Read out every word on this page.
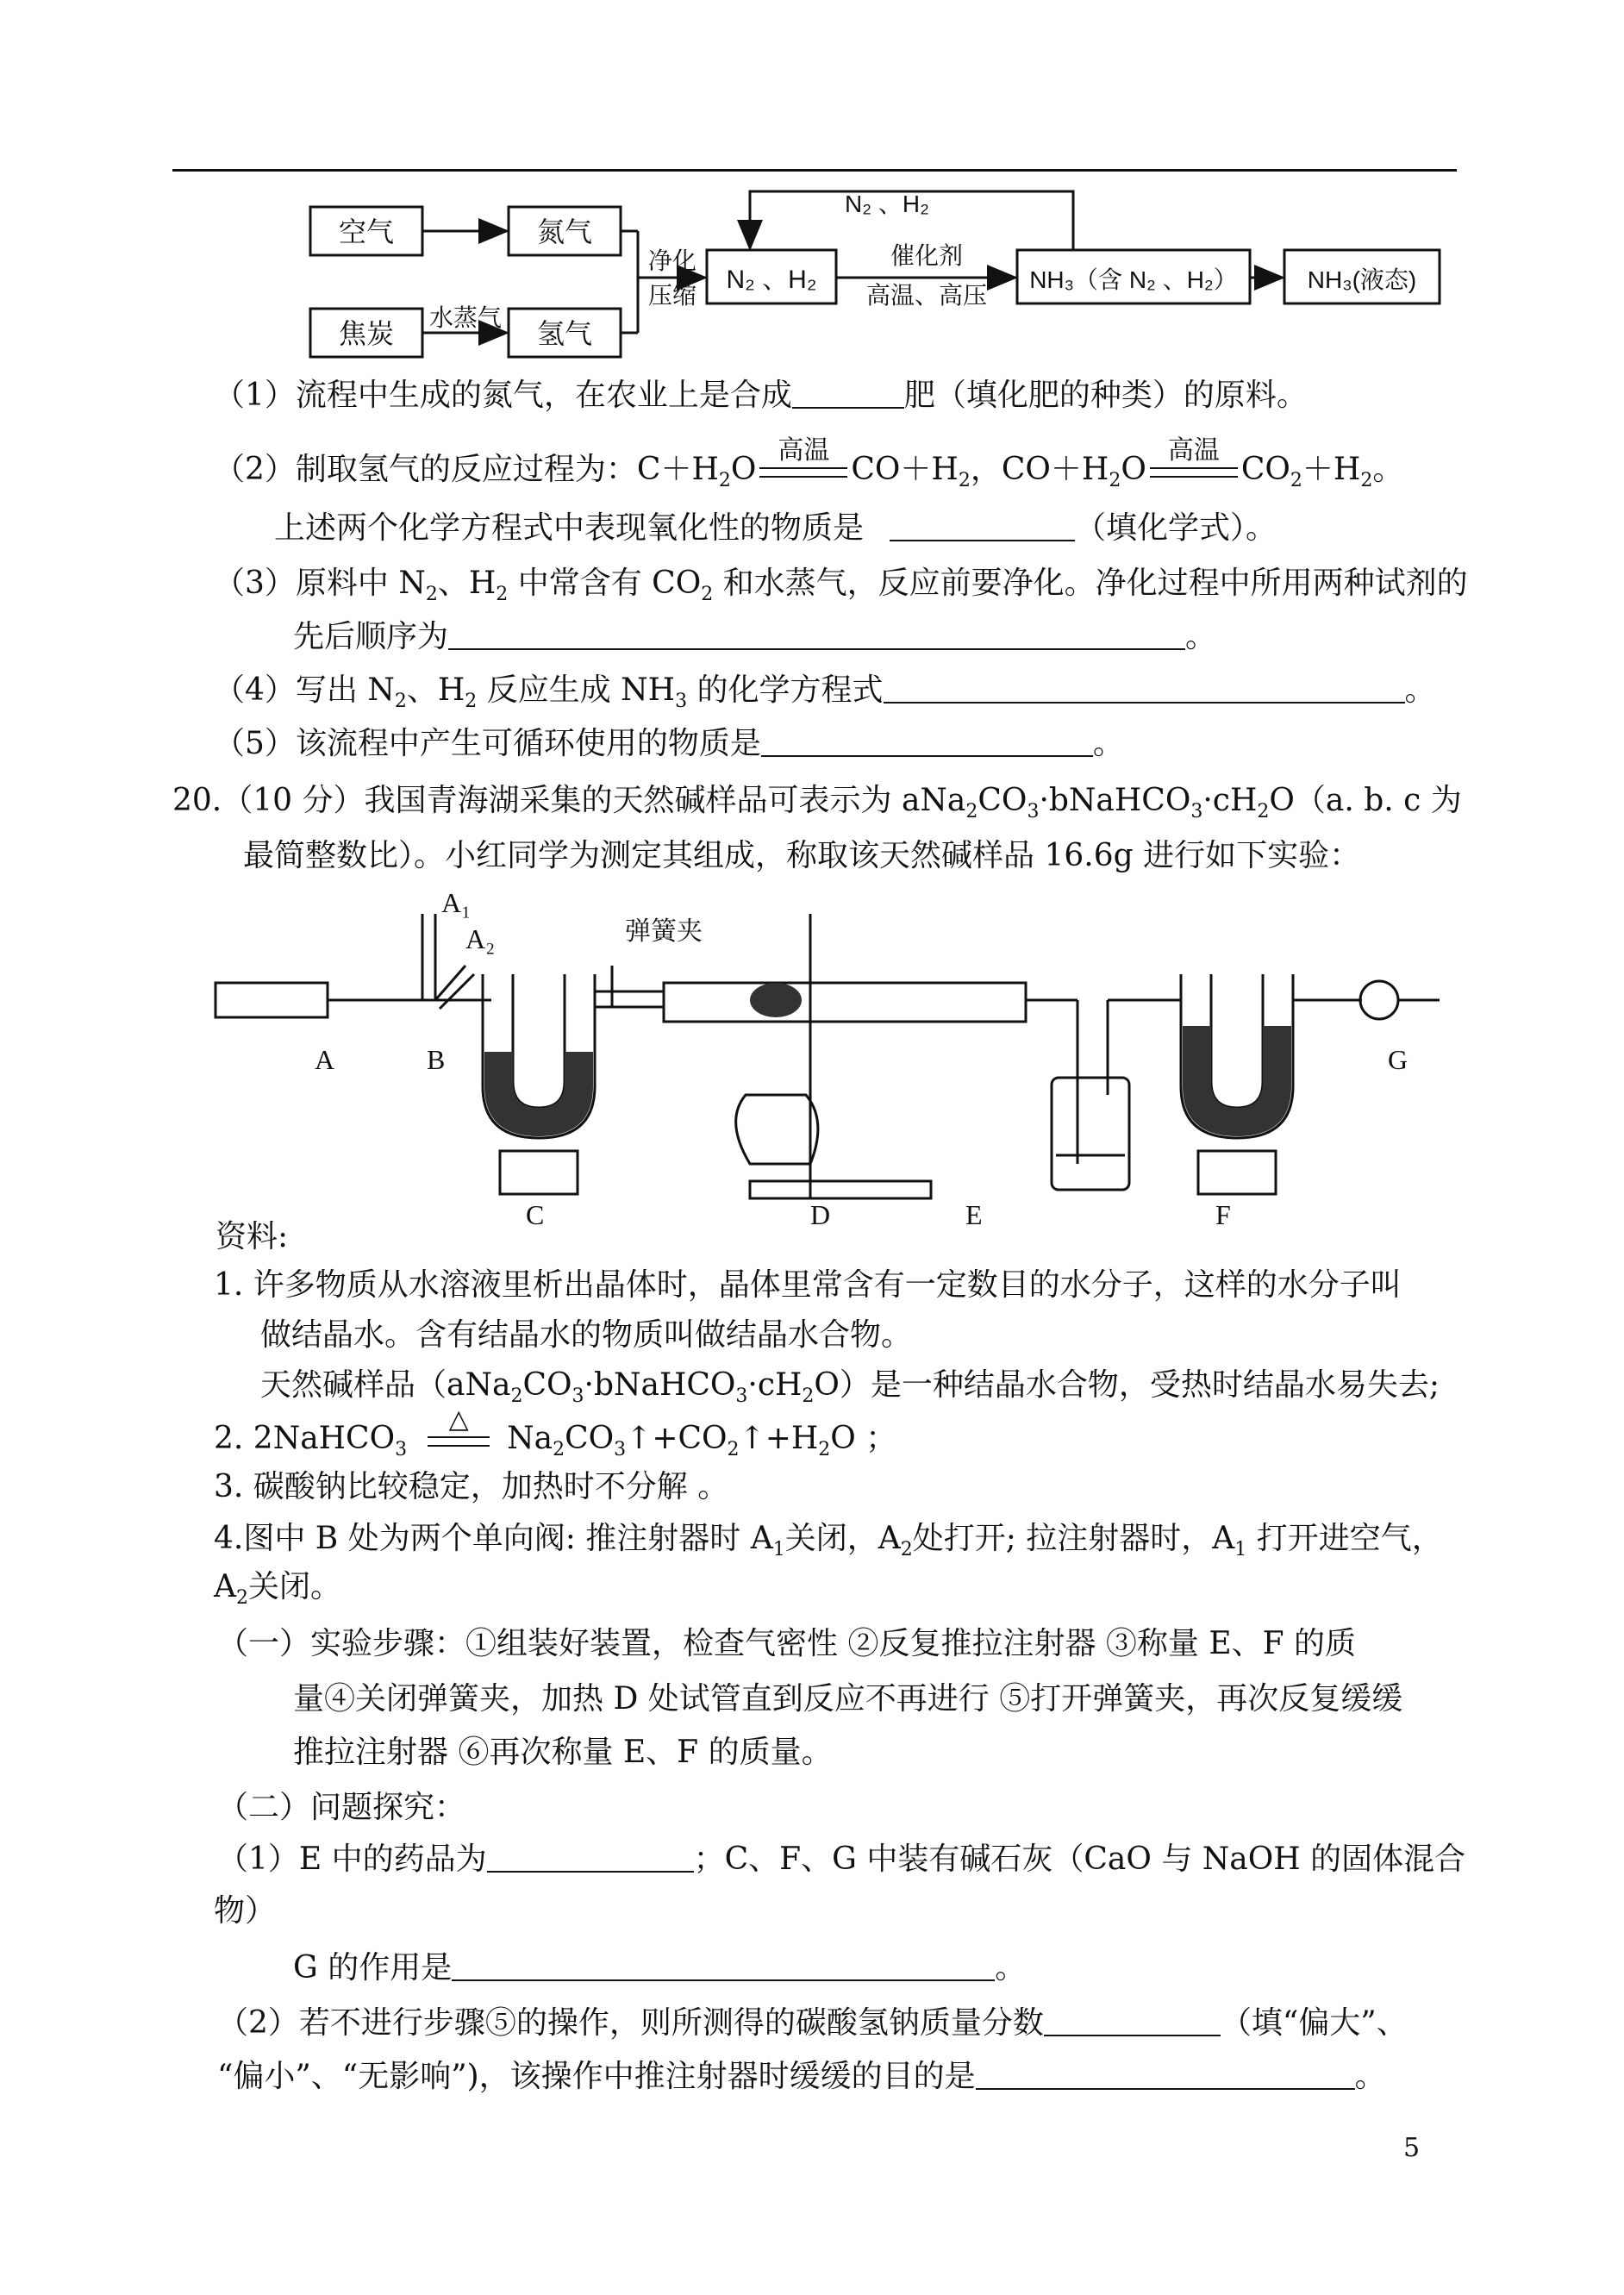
空气	氮气
焦炭
水蒸气
氢气
净化
压缩
N₂ 、H₂
N₂ 、H₂
催化剂
高温、高压
NH₃（含 N₂ 、H₂）	NH₃(液态)
（1）流程中生成的氮气，在农业上是合成	肥（填化肥的种类）的原料。
（2）制取氢气的反应过程为：$C+H_2O$
高温
$CO+H_2$，$CO+H_2O$
高温
$CO_2+H_2$。
上述两个化学方程式中表现氧化性的物质是	（填化学式）。
（3）原料中 $N_2$、$H_2$ 中常含有 $CO_2$ 和水蒸气，反应前要净化。净化过程中所用两种试剂的
先后顺序为	。
（4）写出 $N_2$、$H_2$ 反应生成 $NH_3$ 的化学方程式	。
（5）该流程中产生可循环使用的物质是	。
20.（10 分）我国青海湖采集的天然碱样品可表示为 $aNa_2CO_3\cdot bNaHCO_3\cdot cH_2O(a$. b. c 为
最简整数比）。小红同学为测定其组成，称取该天然碱样品 16.6g 进行如下实验：
A₁
A₂	弹簧夹
A	B
C	D	E	F
G
资料:
1. 许多物质从水溶液里析出晶体时，晶体里常含有一定数目的水分子，这样的水分子叫
做结晶水。含有结晶水的物质叫做结晶水合物。
天然碱样品$(aNa_2CO_3\cdot bNaHCO_3\cdot cH_2O)$是一种结晶水合物，受热时结晶水易失去;
2. 2NaHCO$_3$
△
$Na_2CO_3↑+CO_2↑+H_2O$ ；
3. 碳酸钠比较稳定，加热时不分解 。
4.图中 B 处为两个单向阀: 推注射器时 $A_1$关闭，$A_2$处打开; 拉注射器时，$A_1$ 打开进空气，
$A_2$关闭。
（一）实验步骤：①组装好装置，检查气密性 ②反复推拉注射器 ③称量 E、F 的质
量④关闭弹簧夹，加热 D 处试管直到反应不再进行 ⑤打开弹簧夹，再次反复缓缓
推拉注射器 ⑥再次称量 E、F 的质量。
（二）问题探究：
（1）E 中的药品为	；C、F、G 中装有碱石灰（CaO 与 NaOH 的固体混合
物）
G 的作用是	。
（2）若不进行步骤⑤的操作，则所测得的碳酸氢钠质量分数	（填“偏大”、
“偏小”、“无影响”)，该操作中推注射器时缓缓的目的是	。
5
